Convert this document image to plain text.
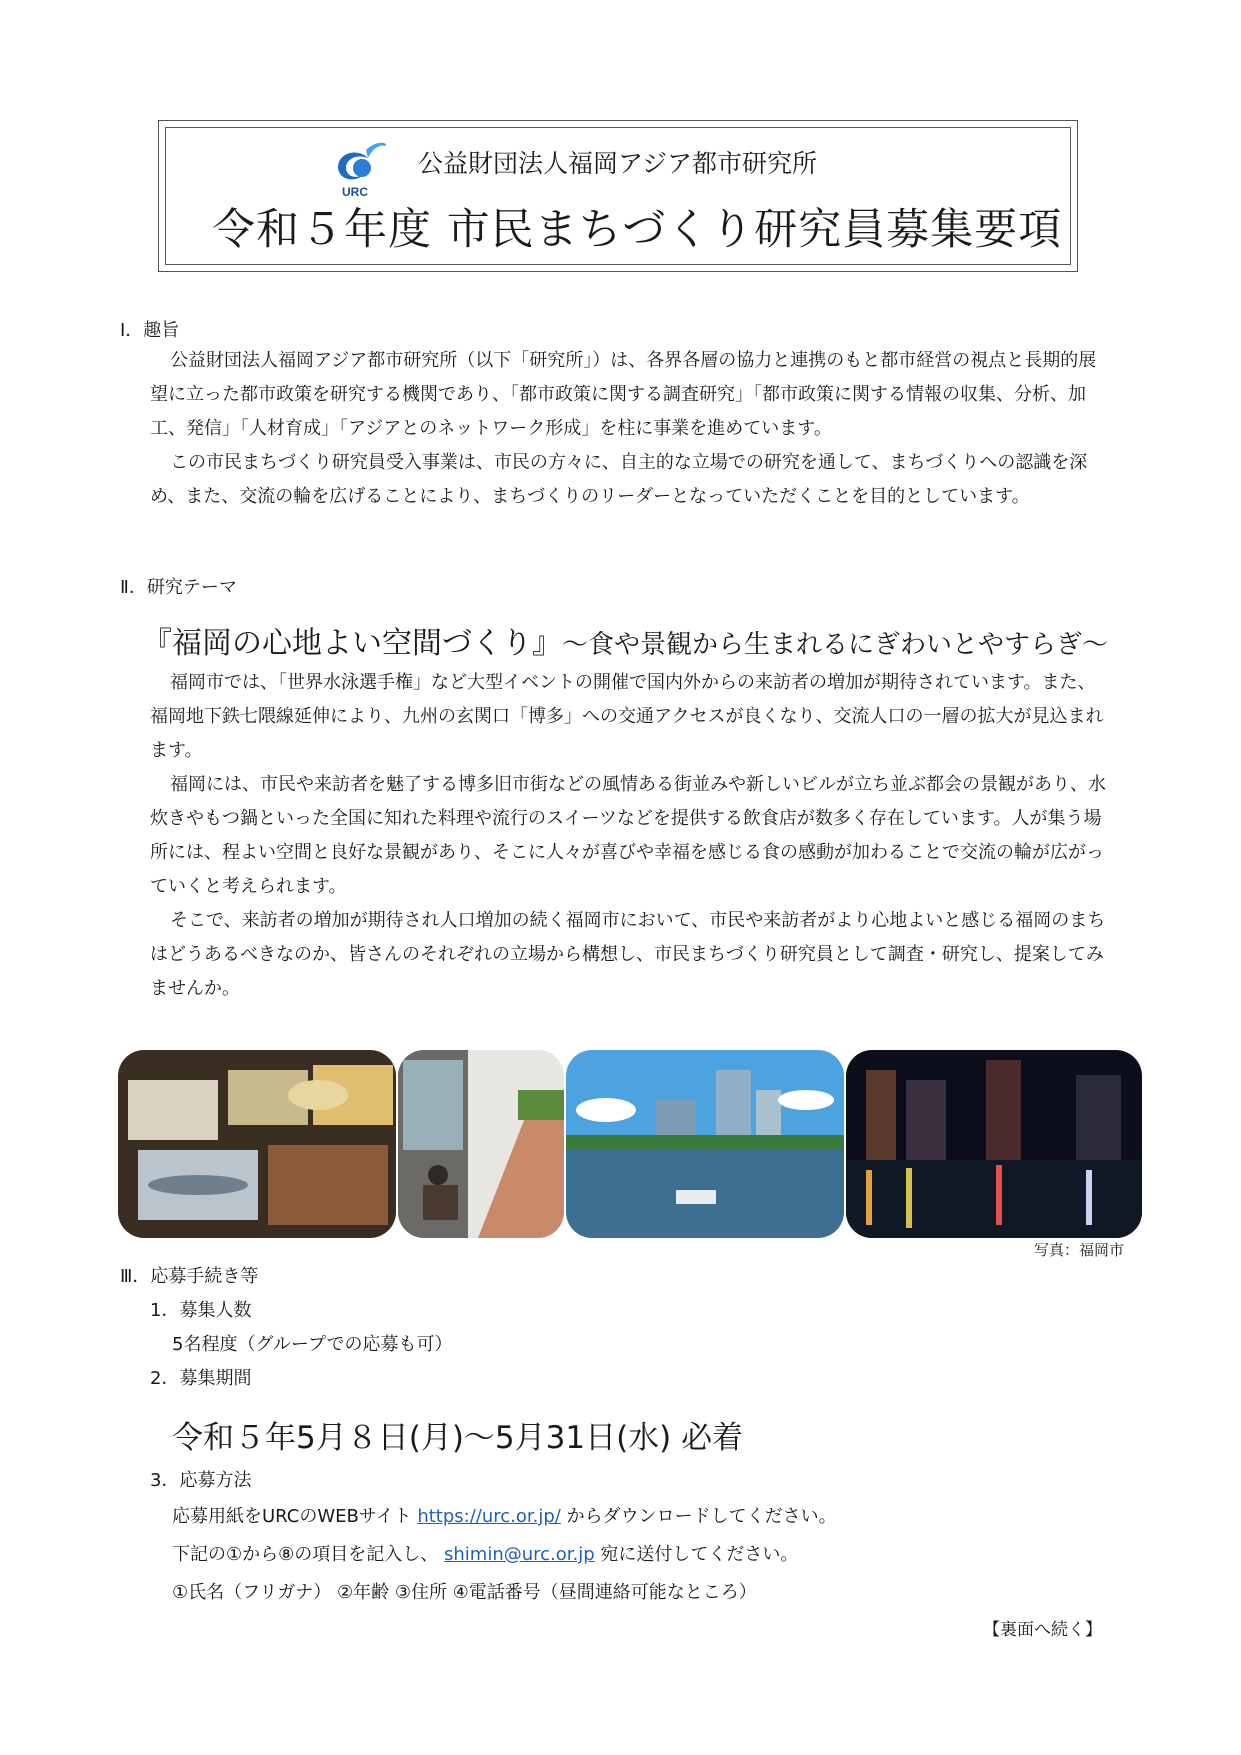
URC
公益財団法人福岡アジア都市研究所
令和５年度 市民まちづくり研究員募集要項
Ⅰ．趣旨

公益財団法人福岡アジア都市研究所（以下「研究所」）は、各界各層の協力と連携のもと都市経営の視点と長期的展望に立った都市政策を研究する機関であり、「都市政策に関する調査研究」「都市政策に関する情報の収集、分析、加工、発信」「人材育成」「アジアとのネットワーク形成」を柱に事業を進めています。

この市民まちづくり研究員受入事業は、市民の方々に、自主的な立場での研究を通して、まちづくりへの認識を深め、また、交流の輪を広げることにより、まちづくりのリーダーとなっていただくことを目的としています。

Ⅱ．研究テーマ
『福岡の心地よい空間づくり』～食や景観から生まれるにぎわいとやすらぎ～

福岡市では、「世界水泳選手権」など大型イベントの開催で国内外からの来訪者の増加が期待されています。また、福岡地下鉄七隈線延伸により、九州の玄関口「博多」への交通アクセスが良くなり、交流人口の一層の拡大が見込まれます。

福岡には、市民や来訪者を魅了する博多旧市街などの風情ある街並みや新しいビルが立ち並ぶ都会の景観があり、水炊きやもつ鍋といった全国に知れた料理や流行のスイーツなどを提供する飲食店が数多く存在しています。人が集う場所には、程よい空間と良好な景観があり、そこに人々が喜びや幸福を感じる食の感動が加わることで交流の輪が広がっていくと考えられます。

そこで、来訪者の増加が期待され人口増加の続く福岡市において、市民や来訪者がより心地よいと感じる福岡のまちはどうあるべきなのか、皆さんのそれぞれの立場から構想し、市民まちづくり研究員として調査・研究し、提案してみませんか。

写真：福岡市
Ⅲ．応募手続き等
1．募集人数
5名程度（グループでの応募も可）
2．募集期間
令和５年5月８日(月)～5月31日(水) 必着
3．応募方法
応募用紙をURCのWEBサイト https://urc.or.jp/ からダウンロードしてください。
下記の①から⑧の項目を記入し、 shimin@urc.or.jp 宛に送付してください。
①氏名（フリガナ） ②年齢 ③住所 ④電話番号（昼間連絡可能なところ）
【裏面へ続く】
